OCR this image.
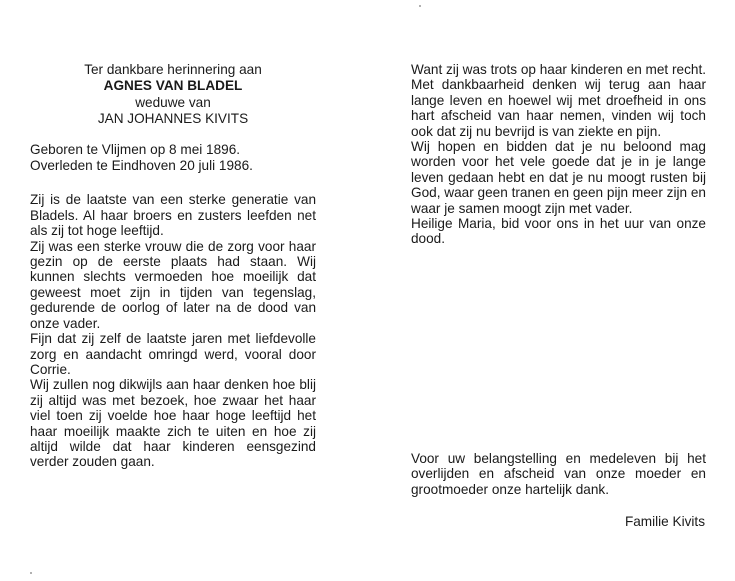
Ter dankbare herinnering aan

AGNES VAN BLADEL

weduwe van

JAN JOHANNES KIVITS

Geboren te Vlijmen op 8 mei 1896.
Overleden te Eindhoven 20 juli 1986.

Zij is de laatste van een sterke generatie van Bladels. Al haar broers en zusters leefden net als zij tot hoge leeftijd.

Zij was een sterke vrouw die de zorg voor haar gezin op de eerste plaats had staan. Wij kunnen slechts vermoeden hoe moeilijk dat geweest moet zijn in tijden van tegenslag, gedurende de oorlog of later na de dood van onze vader.

Fijn dat zij zelf de laatste jaren met liefdevolle zorg en aandacht omringd werd, vooral door Corrie.

Wij zullen nog dikwijls aan haar denken hoe blij zij altijd was met bezoek, hoe zwaar het haar viel toen zij voelde hoe haar hoge leeftijd het haar moeilijk maakte zich te uiten en hoe zij altijd wilde dat haar kinderen eensgezind verder zouden gaan.

Want zij was trots op haar kinderen en met recht. Met dankbaarheid denken wij terug aan haar lange leven en hoewel wij met droefheid in ons hart afscheid van haar nemen, vinden wij toch ook dat zij nu bevrijd is van ziekte en pijn.

Wij hopen en bidden dat je nu beloond mag worden voor het vele goede dat je in je lange leven gedaan hebt en dat je nu moogt rusten bij God, waar geen tranen en geen pijn meer zijn en waar je samen moogt zijn met vader.

Heilige Maria, bid voor ons in het uur van onze dood.

Voor uw belangstelling en medeleven bij het overlijden en afscheid van onze moeder en grootmoeder onze hartelijk dank.

Familie Kivits
